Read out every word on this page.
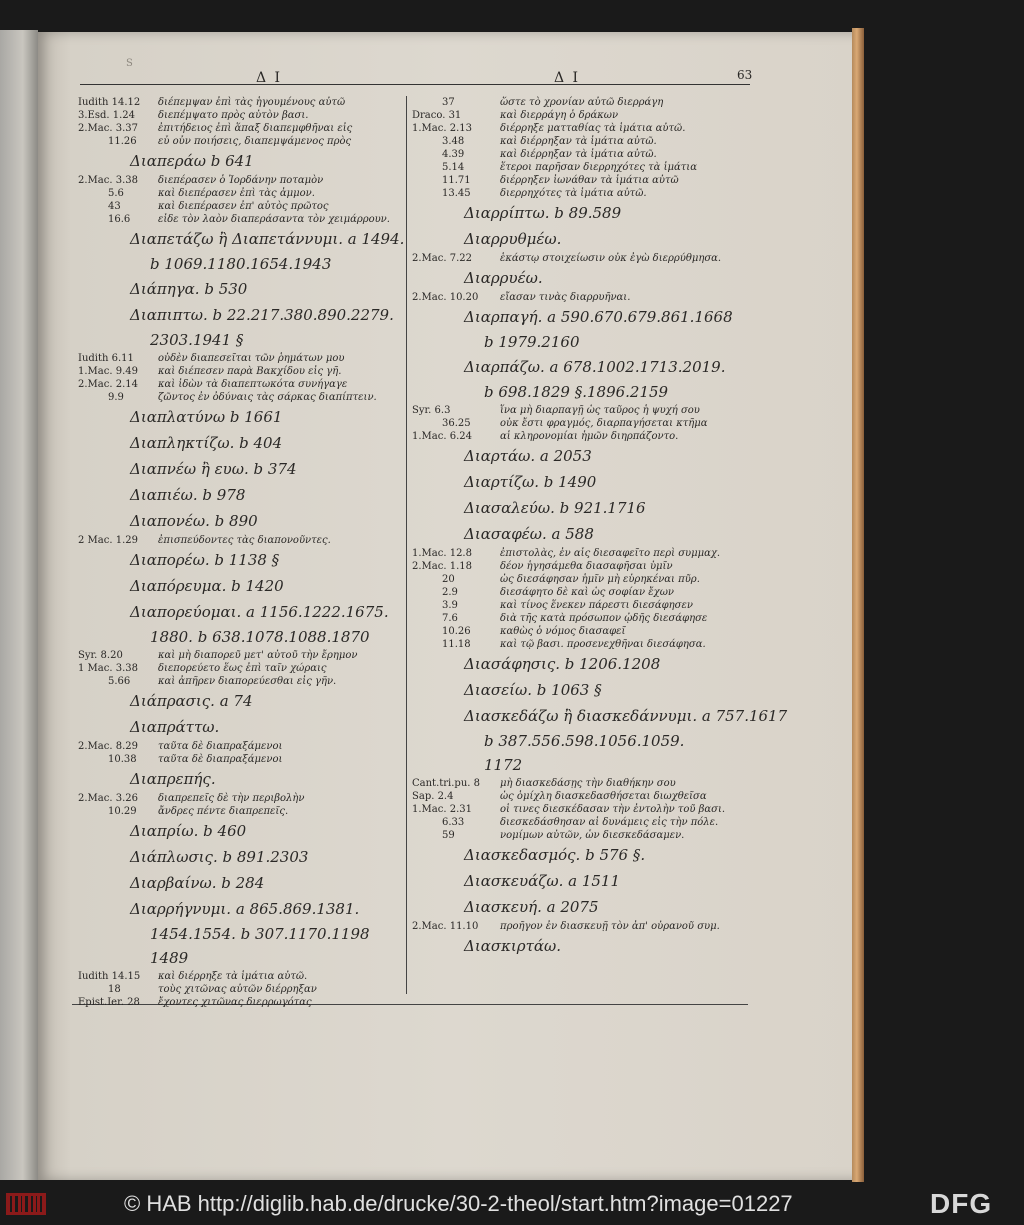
S
Δ Ι	Δ Ι	63
Iudith 14.12 διέπεμψαν ἐπὶ τὰς ἡγουμένους αὐτῶ
3.Esd. 1.24 διεπέμψατο πρὸς αὐτὸν βασι.
2.Mac. 3.37 ἐπιτήδειος ἐπὶ ἅπαξ διαπεμφθῆναι εἰς
11.26 εὖ οὖν ποιήσεις, διαπεμψάμενος πρὸς
Διαπεράω b 641
2.Mac. 3.38 διεπέρασεν ὁ Ἰορδάνην ποταμὸν
5.6	καὶ διεπέρασεν ἐπὶ τὰς ἀμμον.
43	καὶ διεπέρασεν ἐπ' αὐτὸς πρῶτος
16.6	εἶδε τὸν λαὸν διαπεράσαντα τὸν χειμάρρουν.
Διαπετάζω ἢ Διαπετάννυμι. a 1494.
b 1069.1180.1654.1943
Διάπηγα. b 530
Διαπιπτω. b 22.217.380.890.2279.
2303.1941 §
Iudith 6.11 οὐδὲν διαπεσεῖται τῶν ῥημάτων μου
1.Mac. 9.49 καὶ διέπεσεν παρὰ Βακχίδου εἰς γῆ.
2.Mac. 2.14 καὶ ἰδὼν τὰ διαπεπτωκότα συνήγαγε
9.9	ζῶντος ἐν ὀδύναις τὰς σάρκας διαπίπτειν.
Διαπλατύνω b 1661
Διαπληκτίζω. b 404
Διαπνέω ἢ ευω. b 374
Διαπιέω. b 978
Διαπονέω. b 890
2 Mac. 1.29 ἐπισπεύδοντες τὰς διαπονοῦντες.
Διαπορέω. b 1138 §
Διαπόρευμα. b 1420
Διαπορεύομαι. a 1156.1222.1675.
1880. b 638.1078.1088.1870
Syr. 8.20	καὶ μὴ διαπορεῦ μετ' αὐτοῦ τὴν ἔρημον
1 Mac. 3.38 διεπορεύετο ἕως ἐπὶ ταῖν χώραις
5.66	καὶ ἀπῆρεν διαπορεύεσθαι εἰς γῆν.
Διάπρασις. a 74
Διαπράττω.
2.Mac. 8.29 ταῦτα δὲ διαπραξάμενοι
10.38 ταῦτα δὲ διαπραξάμενοι
Διαπρεπής.
2.Mac. 3.26 διαπρεπεῖς δὲ τὴν περιβολὴν
10.29 ἄνδρες πέντε διαπρεπεῖς.
Διαπρίω. b 460
Διάπλωσις. b 891.2303
Διαρβαίνω. b 284
Διαρρήγνυμι. a 865.869.1381.
1454.1554. b 307.1170.1198
1489
Iudith 14.15 καὶ διέρρηξε τὰ ἱμάτια αὐτῶ.
18	τοὺς χιτῶνας αὐτῶν διέρρηξαν
Epist.Ier. 28 ἔχοντες χιτῶνας διερρωγότας
37	ὥστε τὸ χρονίαν αὐτῶ διερράγη
Draco. 31	καὶ διερράγη ὁ δράκων
1.Mac. 2.13	διέρρηξε ματταθίας τὰ ἱμάτια αὐτῶ.
3.48	καὶ διέρρηξαν τὰ ἱμάτια αὐτῶ.
4.39	καὶ διέρρηξαν τὰ ἱμάτια αὐτῶ.
5.14	ἕτεροι παρῆσαν διερρηχότες τὰ ἱμάτια
11.71	διέρρηξεν ἰωνάθαν τὰ ἱμάτια αὐτῶ
13.45	διερρηχότες τὰ ἱμάτια αὐτῶ.
Διαρρίπτω. b 89.589
Διαρρυθμέω.
2.Mac. 7.22	ἑκάστῳ στοιχείωσιν οὐκ ἐγὼ διερρύθμησα.
Διαρρυέω.
2.Mac. 10.20 εἴασαν τινὰς διαρρυῆναι.
Διαρπαγή. a 590.670.679.861.1668
b 1979.2160
Διαρπάζω. a 678.1002.1713.2019.
b 698.1829 §.1896.2159
Syr. 6.3	ἵνα μὴ διαρπαγῇ ὡς ταῦρος ἡ ψυχή σου
36.25	οὐκ ἔστι φραγμός, διαρπαγήσεται κτῆμα
1.Mac. 6.24	αἱ κληρονομίαι ἡμῶν διηρπάζοντο.
Διαρτάω. a 2053
Διαρτίζω. b 1490
Διασαλεύω. b 921.1716
Διασαφέω. a 588
1.Mac. 12.8	ἐπιστολὰς, ἐν αἷς διεσαφεῖτο περὶ συμμαχ.
2.Mac. 1.18	δέον ἡγησάμεθα διασαφῆσαι ὑμῖν
20	ὡς διεσάφησαν ἡμῖν μὴ εὑρηκέναι πῦρ.
2.9	διεσάφητο δὲ καὶ ὡς σοφίαν ἔχων
3.9	καὶ τίνος ἕνεκεν πάρεστι διεσάφησεν
7.6	διὰ τῆς κατὰ πρόσωπον ᾠδῆς διεσάφησε
10.26	καθὼς ὁ νόμος διασαφεῖ
11.18	καὶ τῷ βασι. προσενεχθῆναι διεσάφησα.
Διασάφησις. b 1206.1208
Διασείω. b 1063 §
Διασκεδάζω ἢ διασκεδάννυμι. a 757.1617
b 387.556.598.1056.1059.
1172
Cant.tri.pu. 8 μὴ διασκεδάσῃς τὴν διαθήκην σου
Sap. 2.4	ὡς ὁμίχλη διασκεδασθήσεται διωχθεῖσα
1.Mac. 2.31	οἱ τινες διεσκέδασαν τὴν ἐντολὴν τοῦ βασι.
6.33	διεσκεδάσθησαν αἱ δυνάμεις εἰς τὴν πόλε.
59	νομίμων αὐτῶν, ὧν διεσκεδάσαμεν.
Διασκεδασμός. b 576 §.
Διασκευάζω. a 1511
Διασκευή. a 2075
2.Mac. 11.10 προῆγον ἐν διασκευῇ τὸν ἀπ' οὐρανοῦ συμ.
Διασκιρτάω.
© HAB http://diglib.hab.de/drucke/30-2-theol/start.htm?image=01227	DFG
